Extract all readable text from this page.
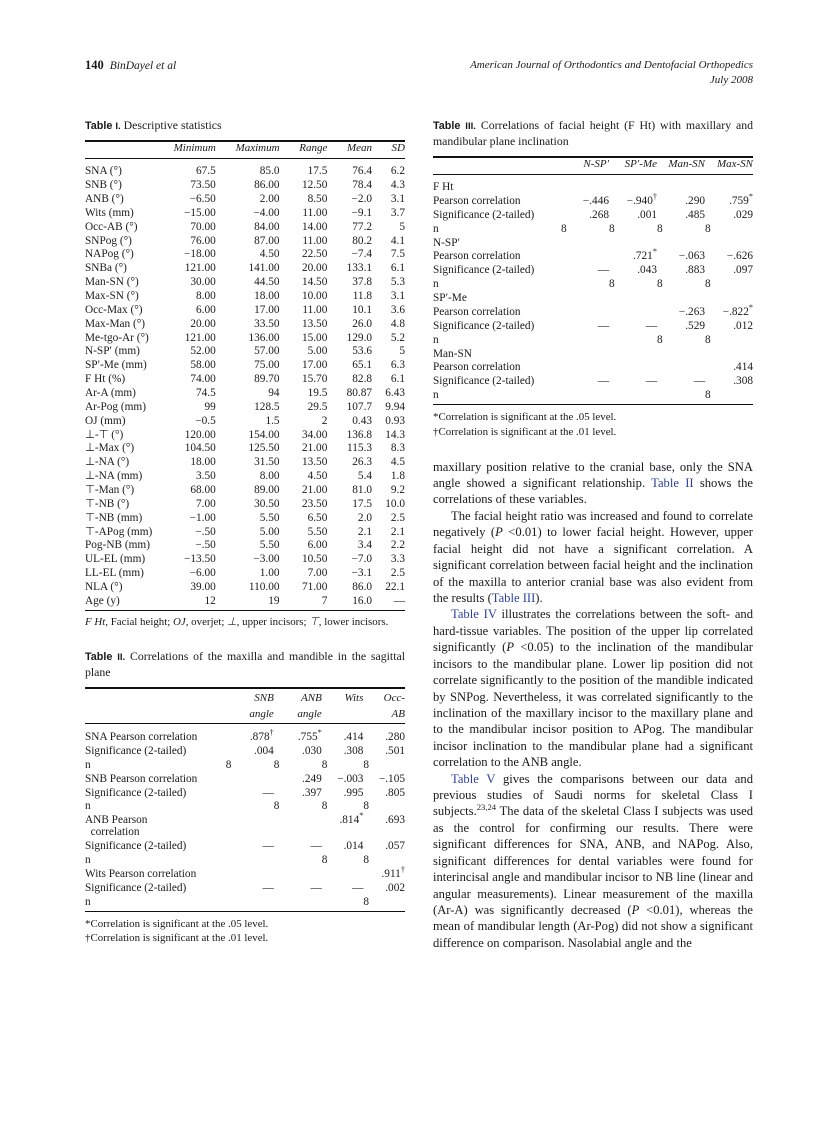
140 BinDayel et al	American Journal of Orthodontics and Dentofacial Orthopedics
July 2008
Table I. Descriptive statistics
	Minimum	Maximum	Range	Mean	SD

SNA (°)	67.5	85.0	17.5	76.4	6.2
SNB (°)	73.50	86.00	12.50	78.4	4.3
ANB (°)	−6.50	2.00	8.50	−2.0	3.1
Wits (mm)	−15.00	−4.00	11.00	−9.1	3.7
Occ-AB (°)	70.00	84.00	14.00	77.2	5
SNPog (°)	76.00	87.00	11.00	80.2	4.1
NAPog (°)	−18.00	4.50	22.50	−7.4	7.5
SNBa (°)	121.00	141.00	20.00	133.1	6.1
Man-SN (°)	30.00	44.50	14.50	37.8	5.3
Max-SN (°)	8.00	18.00	10.00	11.8	3.1
Occ-Max (°)	6.00	17.00	11.00	10.1	3.6
Max-Man (°)	20.00	33.50	13.50	26.0	4.8
Me-tgo-Ar (°)	121.00	136.00	15.00	129.0	5.2
N-SP′ (mm)	52.00	57.00	5.00	53.6	5
SP′-Me (mm)	58.00	75.00	17.00	65.1	6.3
F Ht (%)	74.00	89.70	15.70	82.8	6.1
Ar-A (mm)	74.5	94	19.5	80.87	6.43
Ar-Pog (mm)	99	128.5	29.5	107.7	9.94
OJ (mm)	−0.5	1.5	2	0.43	0.93
⊥-⊤ (°)	120.00	154.00	34.00	136.8	14.3
⊥-Max (°)	104.50	125.50	21.00	115.3	8.3
⊥-NA (°)	18.00	31.50	13.50	26.3	4.5
⊥-NA (mm)	3.50	8.00	4.50	5.4	1.8
⊤-Man (°)	68.00	89.00	21.00	81.0	9.2
⊤-NB (°)	7.00	30.50	23.50	17.5	10.0
⊤-NB (mm)	−1.00	5.50	6.50	2.0	2.5
⊤-APog (mm)	−.50	5.00	5.50	2.1	2.1
Pog-NB (mm)	−.50	5.50	6.00	3.4	2.2
UL-EL (mm)	−13.50	−3.00	10.50	−7.0	3.3
LL-EL (mm)	−6.00	1.00	7.00	−3.1	2.5
NLA (°)	39.00	110.00	71.00	86.0	22.1
Age (y)	12	19	7	16.0	—
F Ht, Facial height; OJ, overjet; ⊥, upper incisors; ⊤, lower incisors.
Table II. Correlations of the maxilla and mandible in the sagittal plane
	SNB	ANB	Wits	Occ-
	angle	angle		AB

SNA Pearson correlation	.878†	.755*	.414	.280
Significance (2-tailed)	.004	.030	.308	.501
n	8	8	8	8
SNB Pearson correlation		.249	−.003	−.105
Significance (2-tailed)	—	.397	.995	.805
n		8	8	8
ANB Pearson
correlation			.814*	.693
Significance (2-tailed)	—	—	.014	.057
n			8	8
Wits Pearson correlation				.911†
Significance (2-tailed)	—	—	—	.002
n				8
*Correlation is significant at the .05 level.
†Correlation is significant at the .01 level.
Table III. Correlations of facial height (F Ht) with maxillary and mandibular plane inclination
	N-SP′	SP′-Me	Man-SN	Max-SN

F Ht				
Pearson correlation	−.446	−.940†	.290	.759*
Significance (2-tailed)	.268	.001	.485	.029
n	8	8	8	8
N-SP′				
Pearson correlation		.721*	−.063	−.626
Significance (2-tailed)	—	.043	.883	.097
n		8	8	8
SP′-Me				
Pearson correlation			−.263	−.822*
Significance (2-tailed)	—	—	.529	.012
n			8	8
Man-SN				
Pearson correlation				.414
Significance (2-tailed)	—	—	—	.308
n				8
*Correlation is significant at the .05 level.
†Correlation is significant at the .01 level.

maxillary position relative to the cranial base, only the SNA angle showed a significant relationship. Table II shows the correlations of these variables.

The facial height ratio was increased and found to correlate negatively (P <0.01) to lower facial height. However, upper facial height did not have a significant correlation. A significant correlation between facial height and the inclination of the maxilla to anterior cranial base was also evident from the results (Table III).

Table IV illustrates the correlations between the soft- and hard-tissue variables. The position of the upper lip correlated significantly (P <0.05) to the inclination of the mandibular incisors to the mandibular plane. Lower lip position did not correlate significantly to the position of the mandible indicated by SNPog. Nevertheless, it was correlated significantly to the inclination of the maxillary incisor to the maxillary plane and to the mandibular incisor position to APog. The mandibular incisor inclination to the mandibular plane had a significant correlation to the ANB angle.

Table V gives the comparisons between our data and previous studies of Saudi norms for skeletal Class I subjects.$^{23,24}$ The data of the skeletal Class I subjects was used as the control for confirming our results. There were significant differences for SNA, ANB, and NAPog. Also, significant differences for dental variables were found for interincisal angle and mandibular incisor to NB line (linear and angular measurements). Linear measurement of the maxilla (Ar-A) was significantly decreased (P <0.01), whereas the mean of mandibular length (Ar-Pog) did not show a significant difference on comparison. Nasolabial angle and the
